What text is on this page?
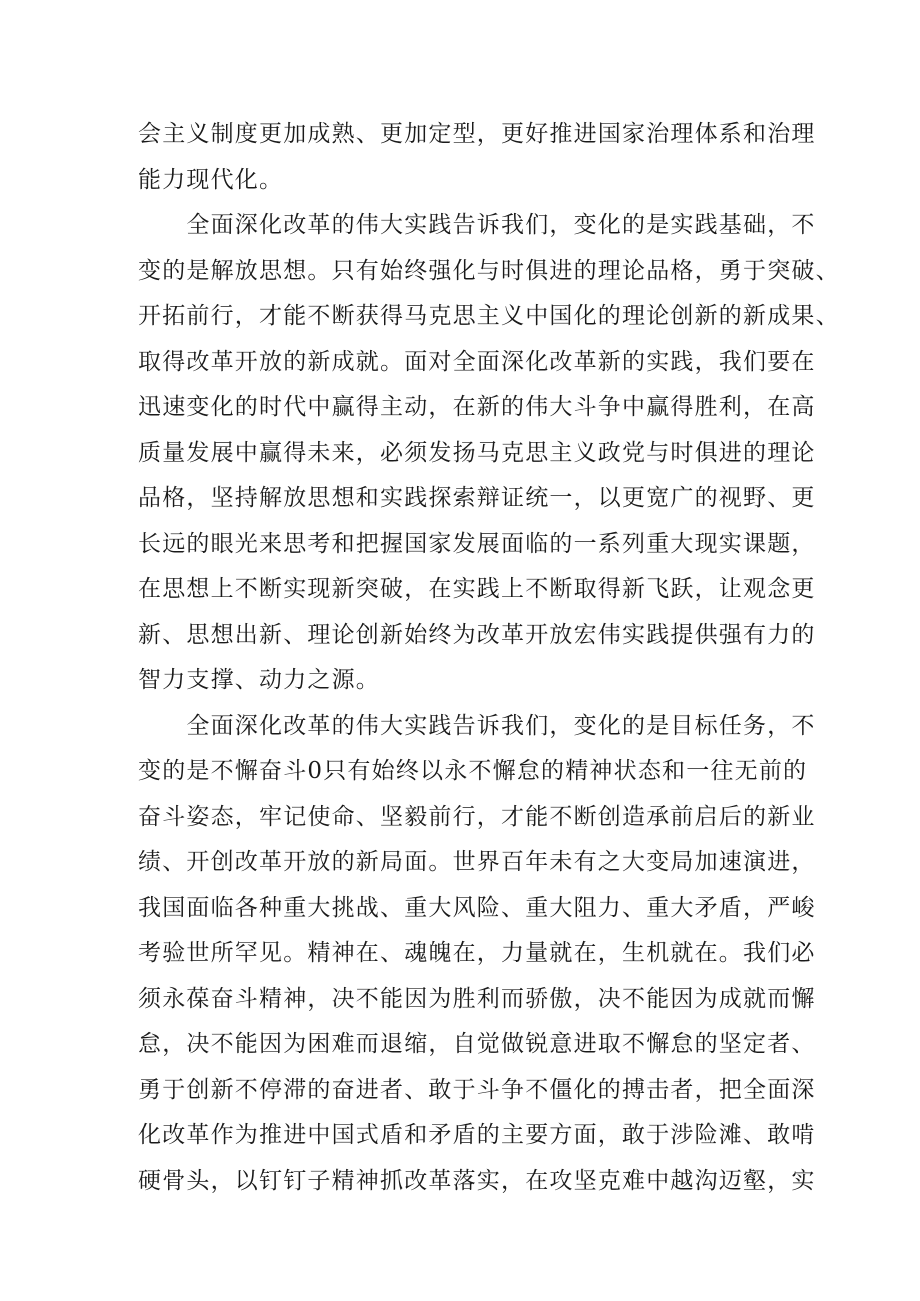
会主义制度更加成熟、更加定型，更好推进国家治理体系和治理
能力现代化。
　　全面深化改革的伟大实践告诉我们，变化的是实践基础，不
变的是解放思想。只有始终强化与时俱进的理论品格，勇于突破、
开拓前行，才能不断获得马克思主义中国化的理论创新的新成果、
取得改革开放的新成就。面对全面深化改革新的实践，我们要在
迅速变化的时代中赢得主动，在新的伟大斗争中赢得胜利，在高
质量发展中赢得未来，必须发扬马克思主义政党与时俱进的理论
品格，坚持解放思想和实践探索辩证统一，以更宽广的视野、更
长远的眼光来思考和把握国家发展面临的一系列重大现实课题，
在思想上不断实现新突破，在实践上不断取得新飞跃，让观念更
新、思想出新、理论创新始终为改革开放宏伟实践提供强有力的
智力支撑、动力之源。
　　全面深化改革的伟大实践告诉我们，变化的是目标任务，不
变的是不懈奋斗0只有始终以永不懈怠的精神状态和一往无前的
奋斗姿态，牢记使命、坚毅前行，才能不断创造承前启后的新业
绩、开创改革开放的新局面。世界百年未有之大变局加速演进，
我国面临各种重大挑战、重大风险、重大阻力、重大矛盾，严峻
考验世所罕见。精神在、魂魄在，力量就在，生机就在。我们必
须永葆奋斗精神，决不能因为胜利而骄傲，决不能因为成就而懈
怠，决不能因为困难而退缩，自觉做锐意进取不懈怠的坚定者、
勇于创新不停滞的奋进者、敢于斗争不僵化的搏击者，把全面深
化改革作为推进中国式盾和矛盾的主要方面，敢于涉险滩、敢啃
硬骨头，以钉钉子精神抓改革落实，在攻坚克难中越沟迈壑，实
